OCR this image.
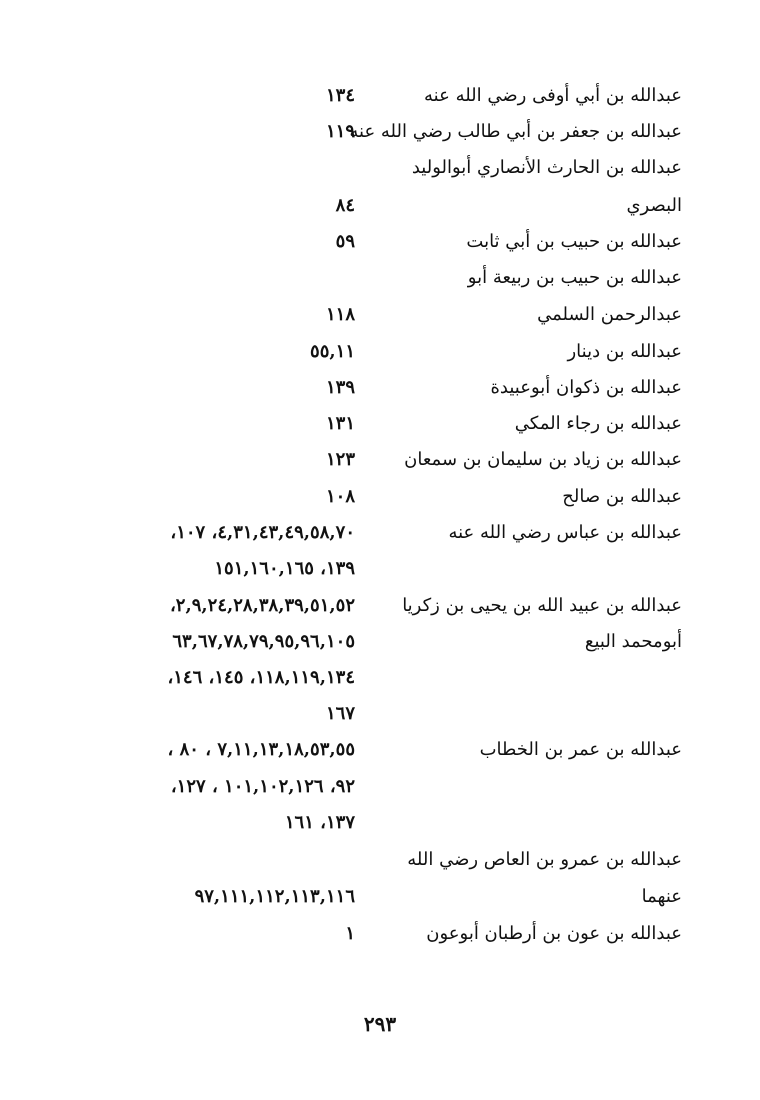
عبدالله بن أبي أوفى رضي الله عنه
عبدالله بن جعفر بن أبي طالب رضي الله عنه
عبدالله بن الحارث الأنصاري أبوالوليد
البصري
عبدالله بن حبيب بن أبي ثابت
عبدالله بن حبيب بن ربيعة أبو
عبدالرحمن السلمي
عبدالله بن دينار
عبدالله بن ذكوان أبوعبيدة
عبدالله بن رجاء المكي
عبدالله بن زياد بن سليمان بن سمعان
عبدالله بن صالح
عبدالله بن عباس رضي الله عنه
عبدالله بن عبيد الله بن يحيى بن زكريا
أبومحمد البيع
عبدالله بن عمر بن الخطاب
عبدالله بن عمرو بن العاص رضي الله
عنهما
عبدالله بن عون بن أرطبان أبوعون
١٣٤
١١٩
٨٤
٥٩
١١٨
٥٥,١١
١٣٩
١٣١
١٢٣
١٠٨
٤,٣١,٤٣,٤٩,٥٨,٧٠، ١٠٧،
١٣٩، ١٥١,١٦٠,١٦٥
٢,٩,٢٤,٢٨,٣٨,٣٩,٥١,٥٢،
٦٣,٦٧,٧٨,٧٩,٩٥,٩٦,١٠٥
١١٨,١١٩,١٣٤، ١٤٥، ١٤٦،
١٦٧
٧,١١,١٣,١٨,٥٣,٥٥ ، ٨٠ ،
٩٢، ١٠١,١٠٢,١٢٦ ، ١٢٧،
١٣٧، ١٦١
٩٧,١١١,١١٢,١١٣,١١٦
١
٢٩٣
